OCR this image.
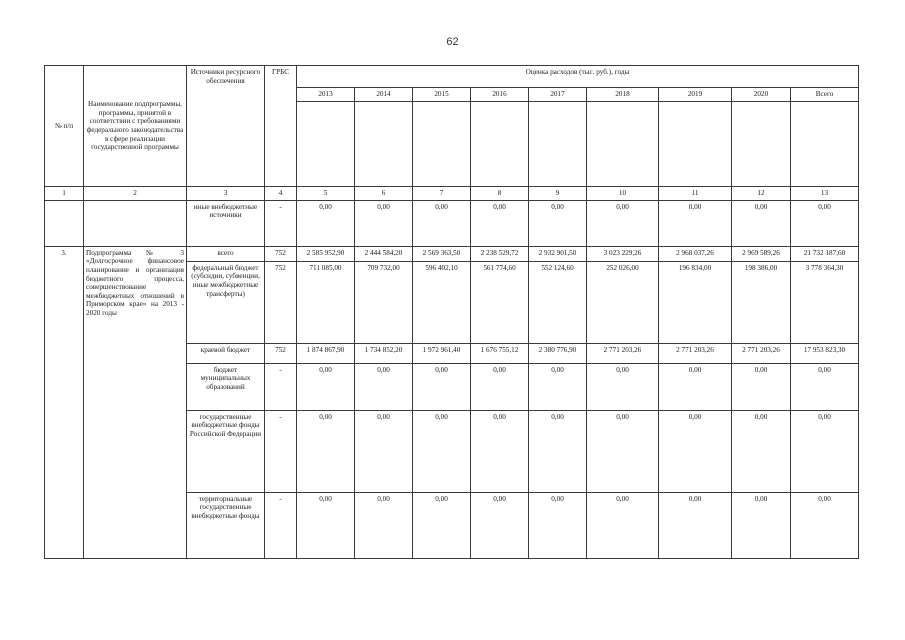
62
№ п/п	Наименование подпрограммы, программы, принятой в соответствии с требованиями федерального законодательства в сфере реализации государственной программы	Источники ресурсного обеспечения	ГРБС	Оценка расходов (тыс. руб.), годы								
				2013	2014	2015	2016	2017	2018	2019	2020	Всего

1	2	3	4	5	6	7	8	9	10	11	12	13
		иные внебюджетные источники	-	0,00	0,00	0,00	0,00	0,00	0,00	0,00	0,00	0,00
3.	Подпрограмма № 3 «Долгосрочное финансовое планирование и организация бюджетного процесса, совершенствование межбюджетных отношений в Приморском крае» на 2013 - 2020 годы	всего	752	2 585 952,90	2 444 584,20	2 569 363,50	2 238 529,72	2 932 901,50	3 023 229,26	2 968 037,26	2 969 589,26	21 732 187,60
		федеральный бюджет (субсидии, субвенции, иные межбюджетные трансферты)	752	711 085,00	709 732,00	596 402,10	561 774,60	552 124,60	252 026,00	196 834,00	198 386,00	3 778 364,30
		краевой бюджет	752	1 874 867,90	1 734 852,20	1 972 961,40	1 676 755,12	2 380 776,90	2 771 203,26	2 771 203,26	2 771 203,26	17 953 823,30
		бюджет муниципальных образований	-	0,00	0,00	0,00	0,00	0,00	0,00	0,00	0,00	0,00
		государственные внебюджетные фонды Российской Федерации	-	0,00	0,00	0,00	0,00	0,00	0,00	0,00	0,00	0,00
		территориальные государственные внебюджетные фонды	-	0,00	0,00	0,00	0,00	0,00	0,00	0,00	0,00	0,00
